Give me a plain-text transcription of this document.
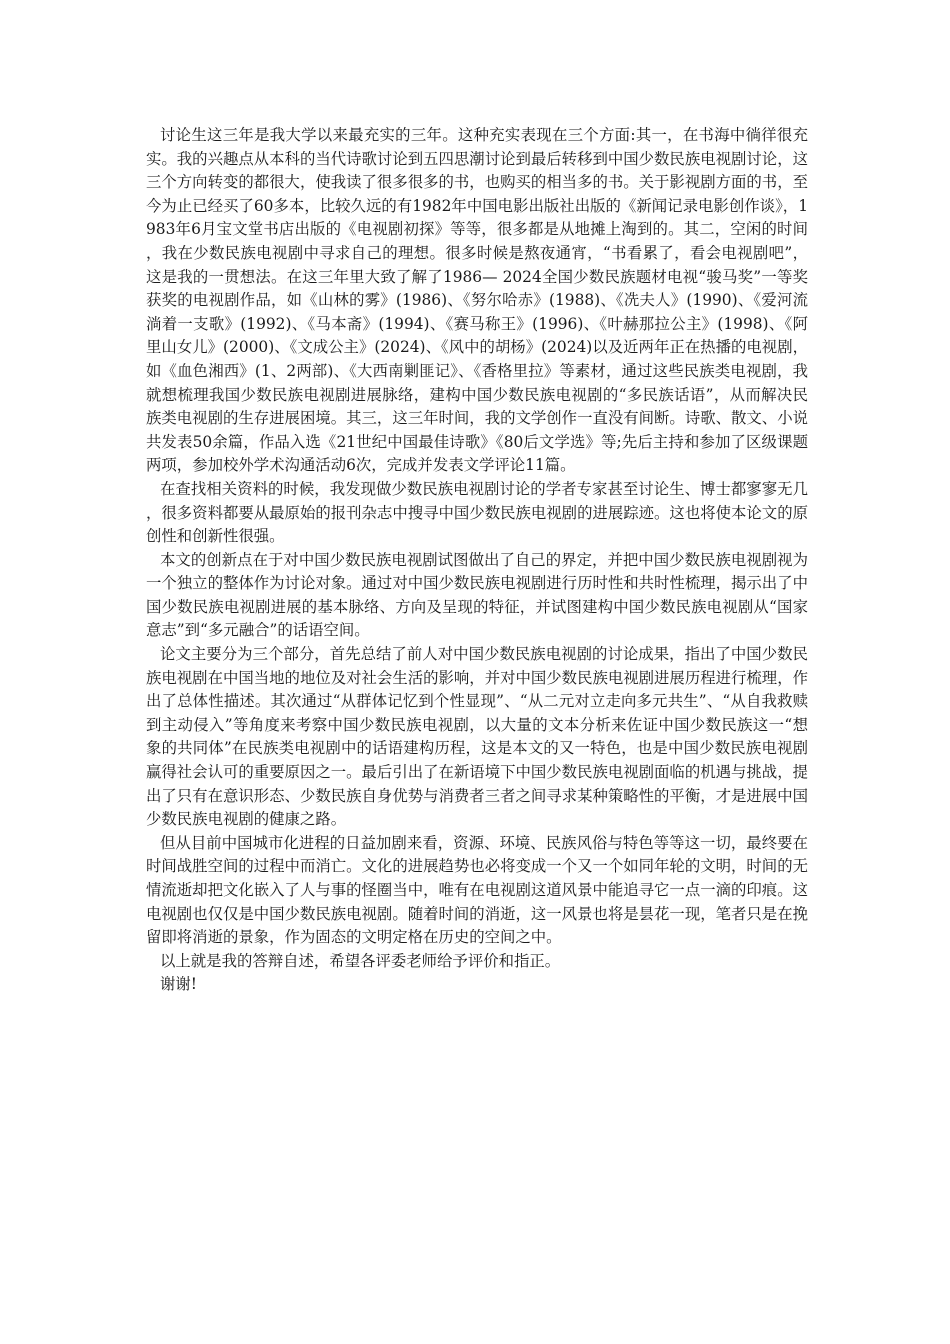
讨论生这三年是我大学以来最充实的三年。这种充实表现在三个方面:其一，在书海中徜徉很充实。我的兴趣点从本科的当代诗歌讨论到五四思潮讨论到最后转移到中国少数民族电视剧讨论，这三个方向转变的都很大，使我读了很多很多的书，也购买的相当多的书。关于影视剧方面的书，至今为止已经买了60多本，比较久远的有1982年中国电影出版社出版的《新闻记录电影创作谈》，1983年6月宝文堂书店出版的《电视剧初探》等等，很多都是从地摊上淘到的。其二，空闲的时间，我在少数民族电视剧中寻求自己的理想。很多时候是熬夜通宵，“书看累了，看会电视剧吧”，这是我的一贯想法。在这三年里大致了解了1986— 2024全国少数民族题材电视“骏马奖”一等奖获奖的电视剧作品，如《山林的雾》(1986)、《努尔哈赤》(1988)、《冼夫人》(1990)、《爱河流淌着一支歌》(1992)、《马本斋》(1994)、《赛马称王》(1996)、《叶赫那拉公主》(1998)、《阿里山女儿》(2000)、《文成公主》(2024)、《风中的胡杨》(2024)以及近两年正在热播的电视剧，如《血色湘西》(1、2两部)、《大西南剿匪记》、《香格里拉》等素材，通过这些民族类电视剧，我就想梳理我国少数民族电视剧进展脉络，建构中国少数民族电视剧的“多民族话语”，从而解决民族类电视剧的生存进展困境。其三，这三年时间，我的文学创作一直没有间断。诗歌、散文、小说共发表50余篇，作品入选《21世纪中国最佳诗歌》《80后文学选》等;先后主持和参加了区级课题两项，参加校外学术沟通活动6次，完成并发表文学评论11篇。

在查找相关资料的时候，我发现做少数民族电视剧讨论的学者专家甚至讨论生、博士都寥寥无几，很多资料都要从最原始的报刊杂志中搜寻中国少数民族电视剧的进展踪迹。这也将使本论文的原创性和创新性很强。

本文的创新点在于对中国少数民族电视剧试图做出了自己的界定，并把中国少数民族电视剧视为一个独立的整体作为讨论对象。通过对中国少数民族电视剧进行历时性和共时性梳理，揭示出了中国少数民族电视剧进展的基本脉络、方向及呈现的特征，并试图建构中国少数民族电视剧从“国家意志”到“多元融合”的话语空间。

论文主要分为三个部分，首先总结了前人对中国少数民族电视剧的讨论成果，指出了中国少数民族电视剧在中国当地的地位及对社会生活的影响，并对中国少数民族电视剧进展历程进行梳理，作出了总体性描述。其次通过“从群体记忆到个性显现”、“从二元对立走向多元共生”、“从自我救赎到主动侵入”等角度来考察中国少数民族电视剧，以大量的文本分析来佐证中国少数民族这一“想象的共同体”在民族类电视剧中的话语建构历程，这是本文的又一特色，也是中国少数民族电视剧赢得社会认可的重要原因之一。最后引出了在新语境下中国少数民族电视剧面临的机遇与挑战，提出了只有在意识形态、少数民族自身优势与消费者三者之间寻求某种策略性的平衡，才是进展中国少数民族电视剧的健康之路。

但从目前中国城市化进程的日益加剧来看，资源、环境、民族风俗与特色等等这一切，最终要在时间战胜空间的过程中而消亡。文化的进展趋势也必将变成一个又一个如同年轮的文明，时间的无情流逝却把文化嵌入了人与事的怪圈当中，唯有在电视剧这道风景中能追寻它一点一滴的印痕。这电视剧也仅仅是中国少数民族电视剧。随着时间的消逝，这一风景也将是昙花一现，笔者只是在挽留即将消逝的景象，作为固态的文明定格在历史的空间之中。

以上就是我的答辩自述，希望各评委老师给予评价和指正。

谢谢!
